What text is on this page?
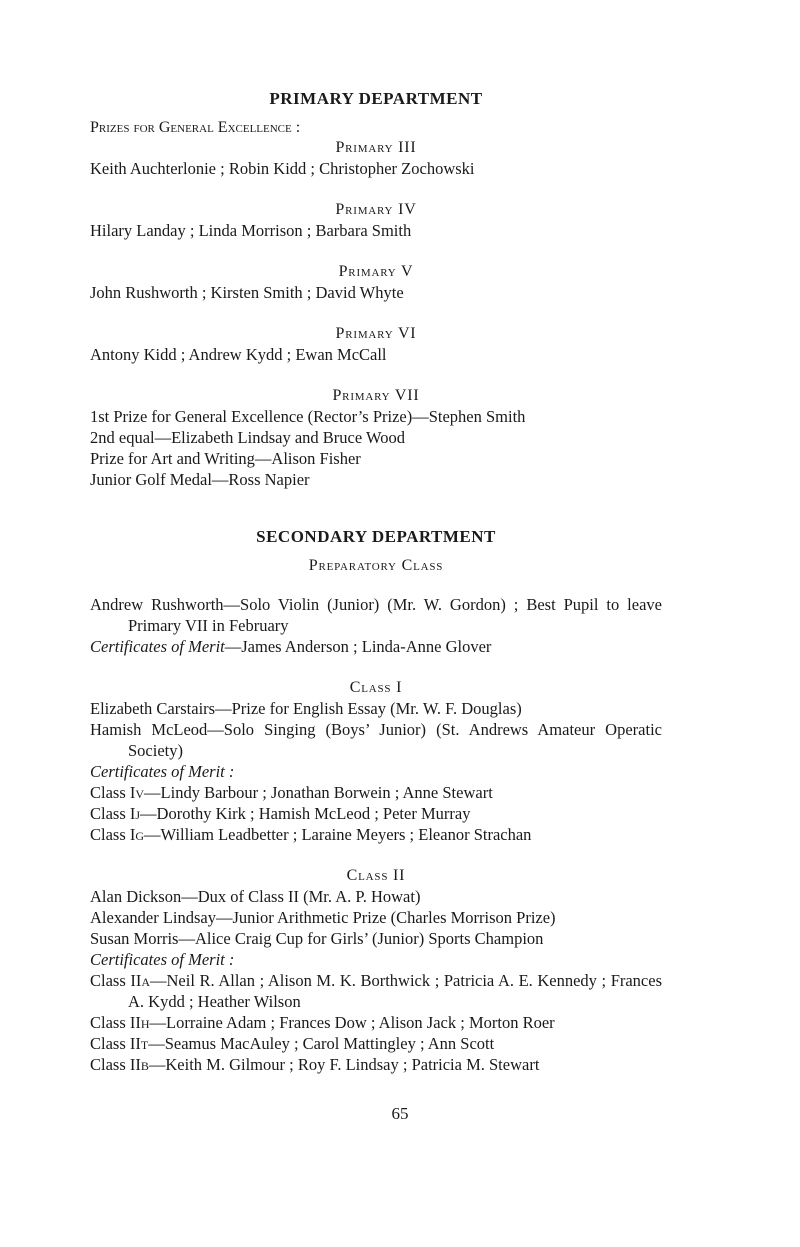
PRIMARY DEPARTMENT
Prizes for General Excellence :
Primary III
Keith Auchterlonie ; Robin Kidd ; Christopher Zochowski
Primary IV
Hilary Landay ; Linda Morrison ; Barbara Smith
Primary V
John Rushworth ; Kirsten Smith ; David Whyte
Primary VI
Antony Kidd ; Andrew Kydd ; Ewan McCall
Primary VII
1st Prize for General Excellence (Rector’s Prize)—Stephen Smith
2nd equal—Elizabeth Lindsay and Bruce Wood
Prize for Art and Writing—Alison Fisher
Junior Golf Medal—Ross Napier
SECONDARY DEPARTMENT
Preparatory Class
Andrew Rushworth—Solo Violin (Junior) (Mr. W. Gordon) ; Best Pupil to leave Primary VII in February
Certificates of Merit—James Anderson ; Linda-Anne Glover
Class I
Elizabeth Carstairs—Prize for English Essay (Mr. W. F. Douglas)
Hamish McLeod—Solo Singing (Boys’ Junior) (St. Andrews Amateur Operatic Society)
Certificates of Merit :
Class Iv—Lindy Barbour ; Jonathan Borwein ; Anne Stewart
Class Ij—Dorothy Kirk ; Hamish McLeod ; Peter Murray
Class Ig—William Leadbetter ; Laraine Meyers ; Eleanor Strachan
Class II
Alan Dickson—Dux of Class II (Mr. A. P. Howat)
Alexander Lindsay—Junior Arithmetic Prize (Charles Morrison Prize)
Susan Morris—Alice Craig Cup for Girls’ (Junior) Sports Champion
Certificates of Merit :
Class IIa—Neil R. Allan ; Alison M. K. Borthwick ; Patricia A. E. Kennedy ; Frances A. Kydd ; Heather Wilson
Class IIh—Lorraine Adam ; Frances Dow ; Alison Jack ; Morton Roer
Class IIt—Seamus MacAuley ; Carol Mattingley ; Ann Scott
Class IIb—Keith M. Gilmour ; Roy F. Lindsay ; Patricia M. Stewart
65
